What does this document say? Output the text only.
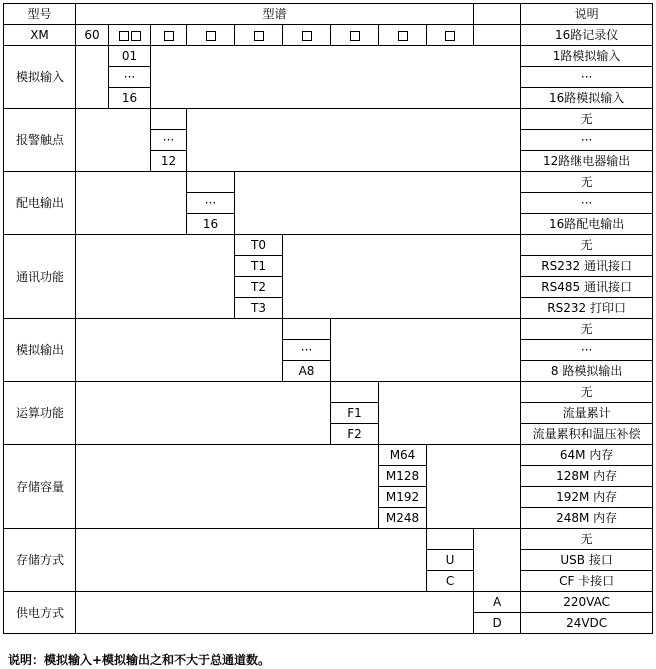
型号	型谱										说明
XM	60										16路记录仪
模拟输入		01									1路模拟输入
		···									···
		16									16路模拟输入
报警触点											无
			···								···
			12								12路继电器输出
配电输出											无
				···							···
				16							16路配电输出
通讯功能					T0						无
					T1						RS232 通讯接口
					T2						RS485 通讯接口
					T3						RS232 打印口
模拟输出											无
						···					···
						A8					8 路模拟输出
运算功能											无
							F1				流量累计
							F2				流量累积和温压补偿
存储容量								M64			64M 内存
								M128			128M 内存
								M192			192M 内存
								M248			248M 内存
存储方式											无
									U		USB 接口
									C		CF 卡接口
供电方式										A	220VAC
										D	24VDC
说明：模拟输入+模拟输出之和不大于总通道数。
